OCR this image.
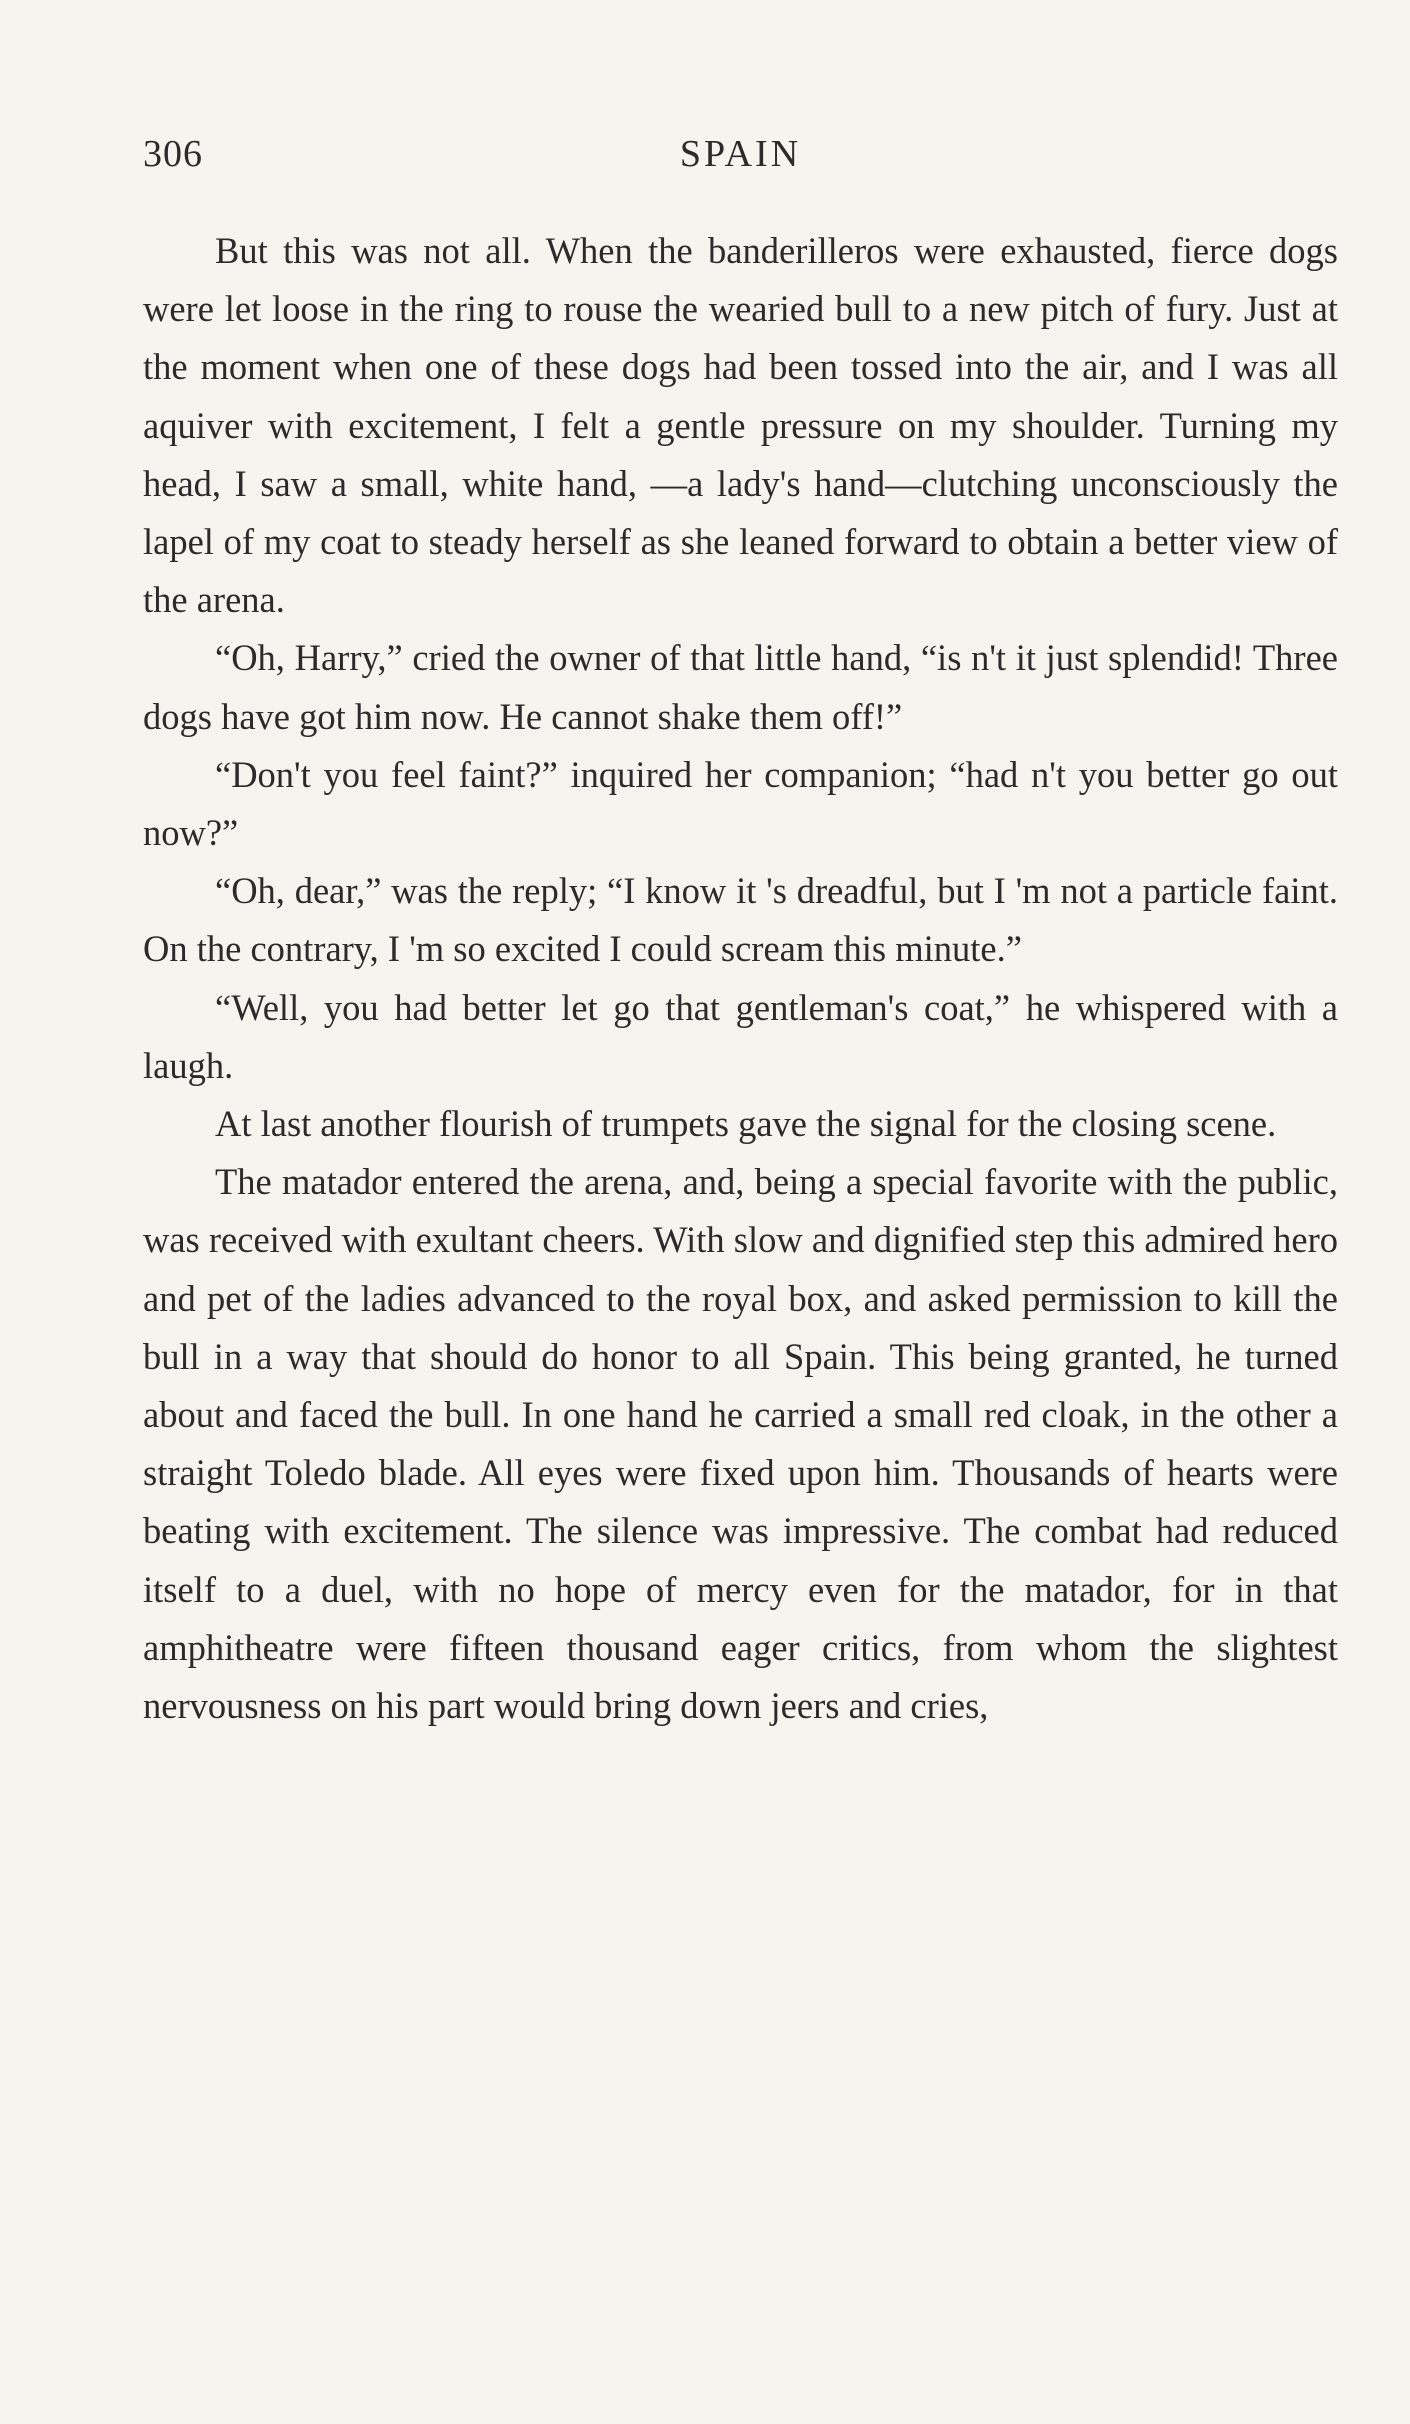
306	SPAIN

But this was not all. When the banderilleros were exhausted, fierce dogs were let loose in the ring to rouse the wearied bull to a new pitch of fury. Just at the moment when one of these dogs had been tossed into the air, and I was all aquiver with excitement, I felt a gentle pressure on my shoulder. Turning my head, I saw a small, white hand, —a lady's hand—clutching unconsciously the lapel of my coat to steady herself as she leaned forward to obtain a better view of the arena.

“Oh, Harry,” cried the owner of that little hand, “is n't it just splendid! Three dogs have got him now. He cannot shake them off!”

“Don't you feel faint?” inquired her companion; “had n't you better go out now?”

“Oh, dear,” was the reply; “I know it 's dreadful, but I 'm not a particle faint. On the contrary, I 'm so excited I could scream this minute.”

“Well, you had better let go that gentleman's coat,” he whispered with a laugh.

At last another flourish of trumpets gave the signal for the closing scene.

The matador entered the arena, and, being a special favorite with the public, was received with exultant cheers. With slow and dignified step this admired hero and pet of the ladies advanced to the royal box, and asked permission to kill the bull in a way that should do honor to all Spain. This being granted, he turned about and faced the bull. In one hand he carried a small red cloak, in the other a straight Toledo blade. All eyes were fixed upon him. Thousands of hearts were beating with excitement. The silence was impressive. The combat had reduced itself to a duel, with no hope of mercy even for the matador, for in that amphitheatre were fifteen thousand eager critics, from whom the slightest nervousness on his part would bring down jeers and cries,
